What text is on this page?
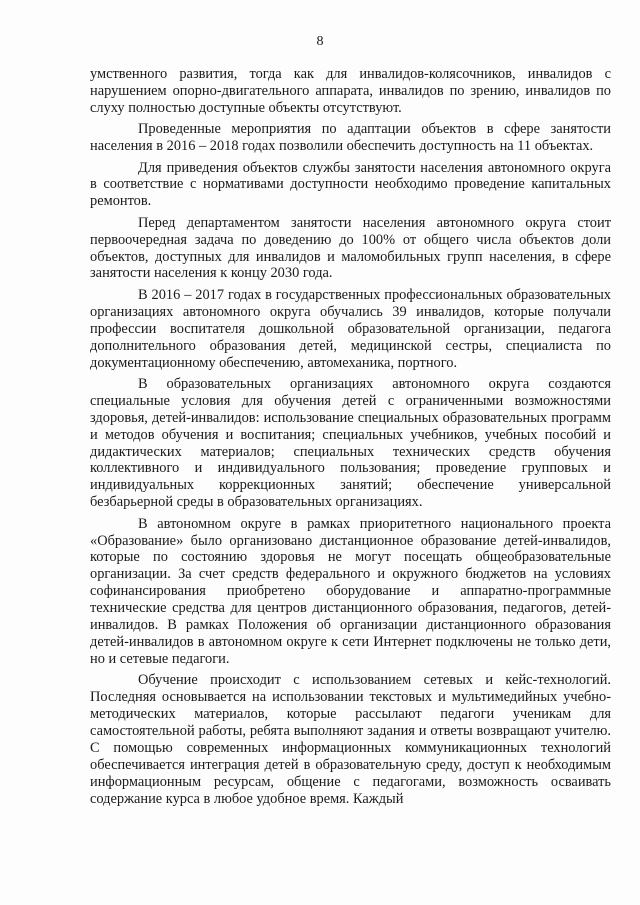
8

умственного развития, тогда как для инвалидов-колясочников, инвалидов с нарушением опорно-двигательного аппарата, инвалидов по зрению, инвалидов по слуху полностью доступные объекты отсутствуют.

Проведенные мероприятия по адаптации объектов в сфере занятости населения в 2016 – 2018 годах позволили обеспечить доступность на 11 объектах.

Для приведения объектов службы занятости населения автономного округа в соответствие с нормативами доступности необходимо проведение капитальных ремонтов.

Перед департаментом занятости населения автономного округа стоит первоочередная задача по доведению до 100% от общего числа объектов доли объектов, доступных для инвалидов и маломобильных групп населения, в сфере занятости населения к концу 2030 года.

В 2016 – 2017 годах в государственных профессиональных образовательных организациях автономного округа обучались 39 инвалидов, которые получали профессии воспитателя дошкольной образовательной организации, педагога дополнительного образования детей, медицинской сестры, специалиста по документационному обеспечению, автомеханика, портного.

В образовательных организациях автономного округа создаются специальные условия для обучения детей с ограниченными возможностями здоровья, детей-инвалидов: использование специальных образовательных программ и методов обучения и воспитания; специальных учебников, учебных пособий и дидактических материалов; специальных технических средств обучения коллективного и индивидуального пользования; проведение групповых и индивидуальных коррекционных занятий; обеспечение универсальной безбарьерной среды в образовательных организациях.

В автономном округе в рамках приоритетного национального проекта «Образование» было организовано дистанционное образование детей-инвалидов, которые по состоянию здоровья не могут посещать общеобразовательные организации. За счет средств федерального и окружного бюджетов на условиях софинансирования приобретено оборудование и аппаратно-программные технические средства для центров дистанционного образования, педагогов, детей-инвалидов. В рамках Положения об организации дистанционного образования детей-инвалидов в автономном округе к сети Интернет подключены не только дети, но и сетевые педагоги.

Обучение происходит с использованием сетевых и кейс-технологий. Последняя основывается на использовании текстовых и мультимедийных учебно-методических материалов, которые рассылают педагоги ученикам для самостоятельной работы, ребята выполняют задания и ответы возвращают учителю. С помощью современных информационных коммуникационных технологий обеспечивается интеграция детей в образовательную среду, доступ к необходимым информационным ресурсам, общение с педагогами, возможность осваивать содержание курса в любое удобное время. Каждый
